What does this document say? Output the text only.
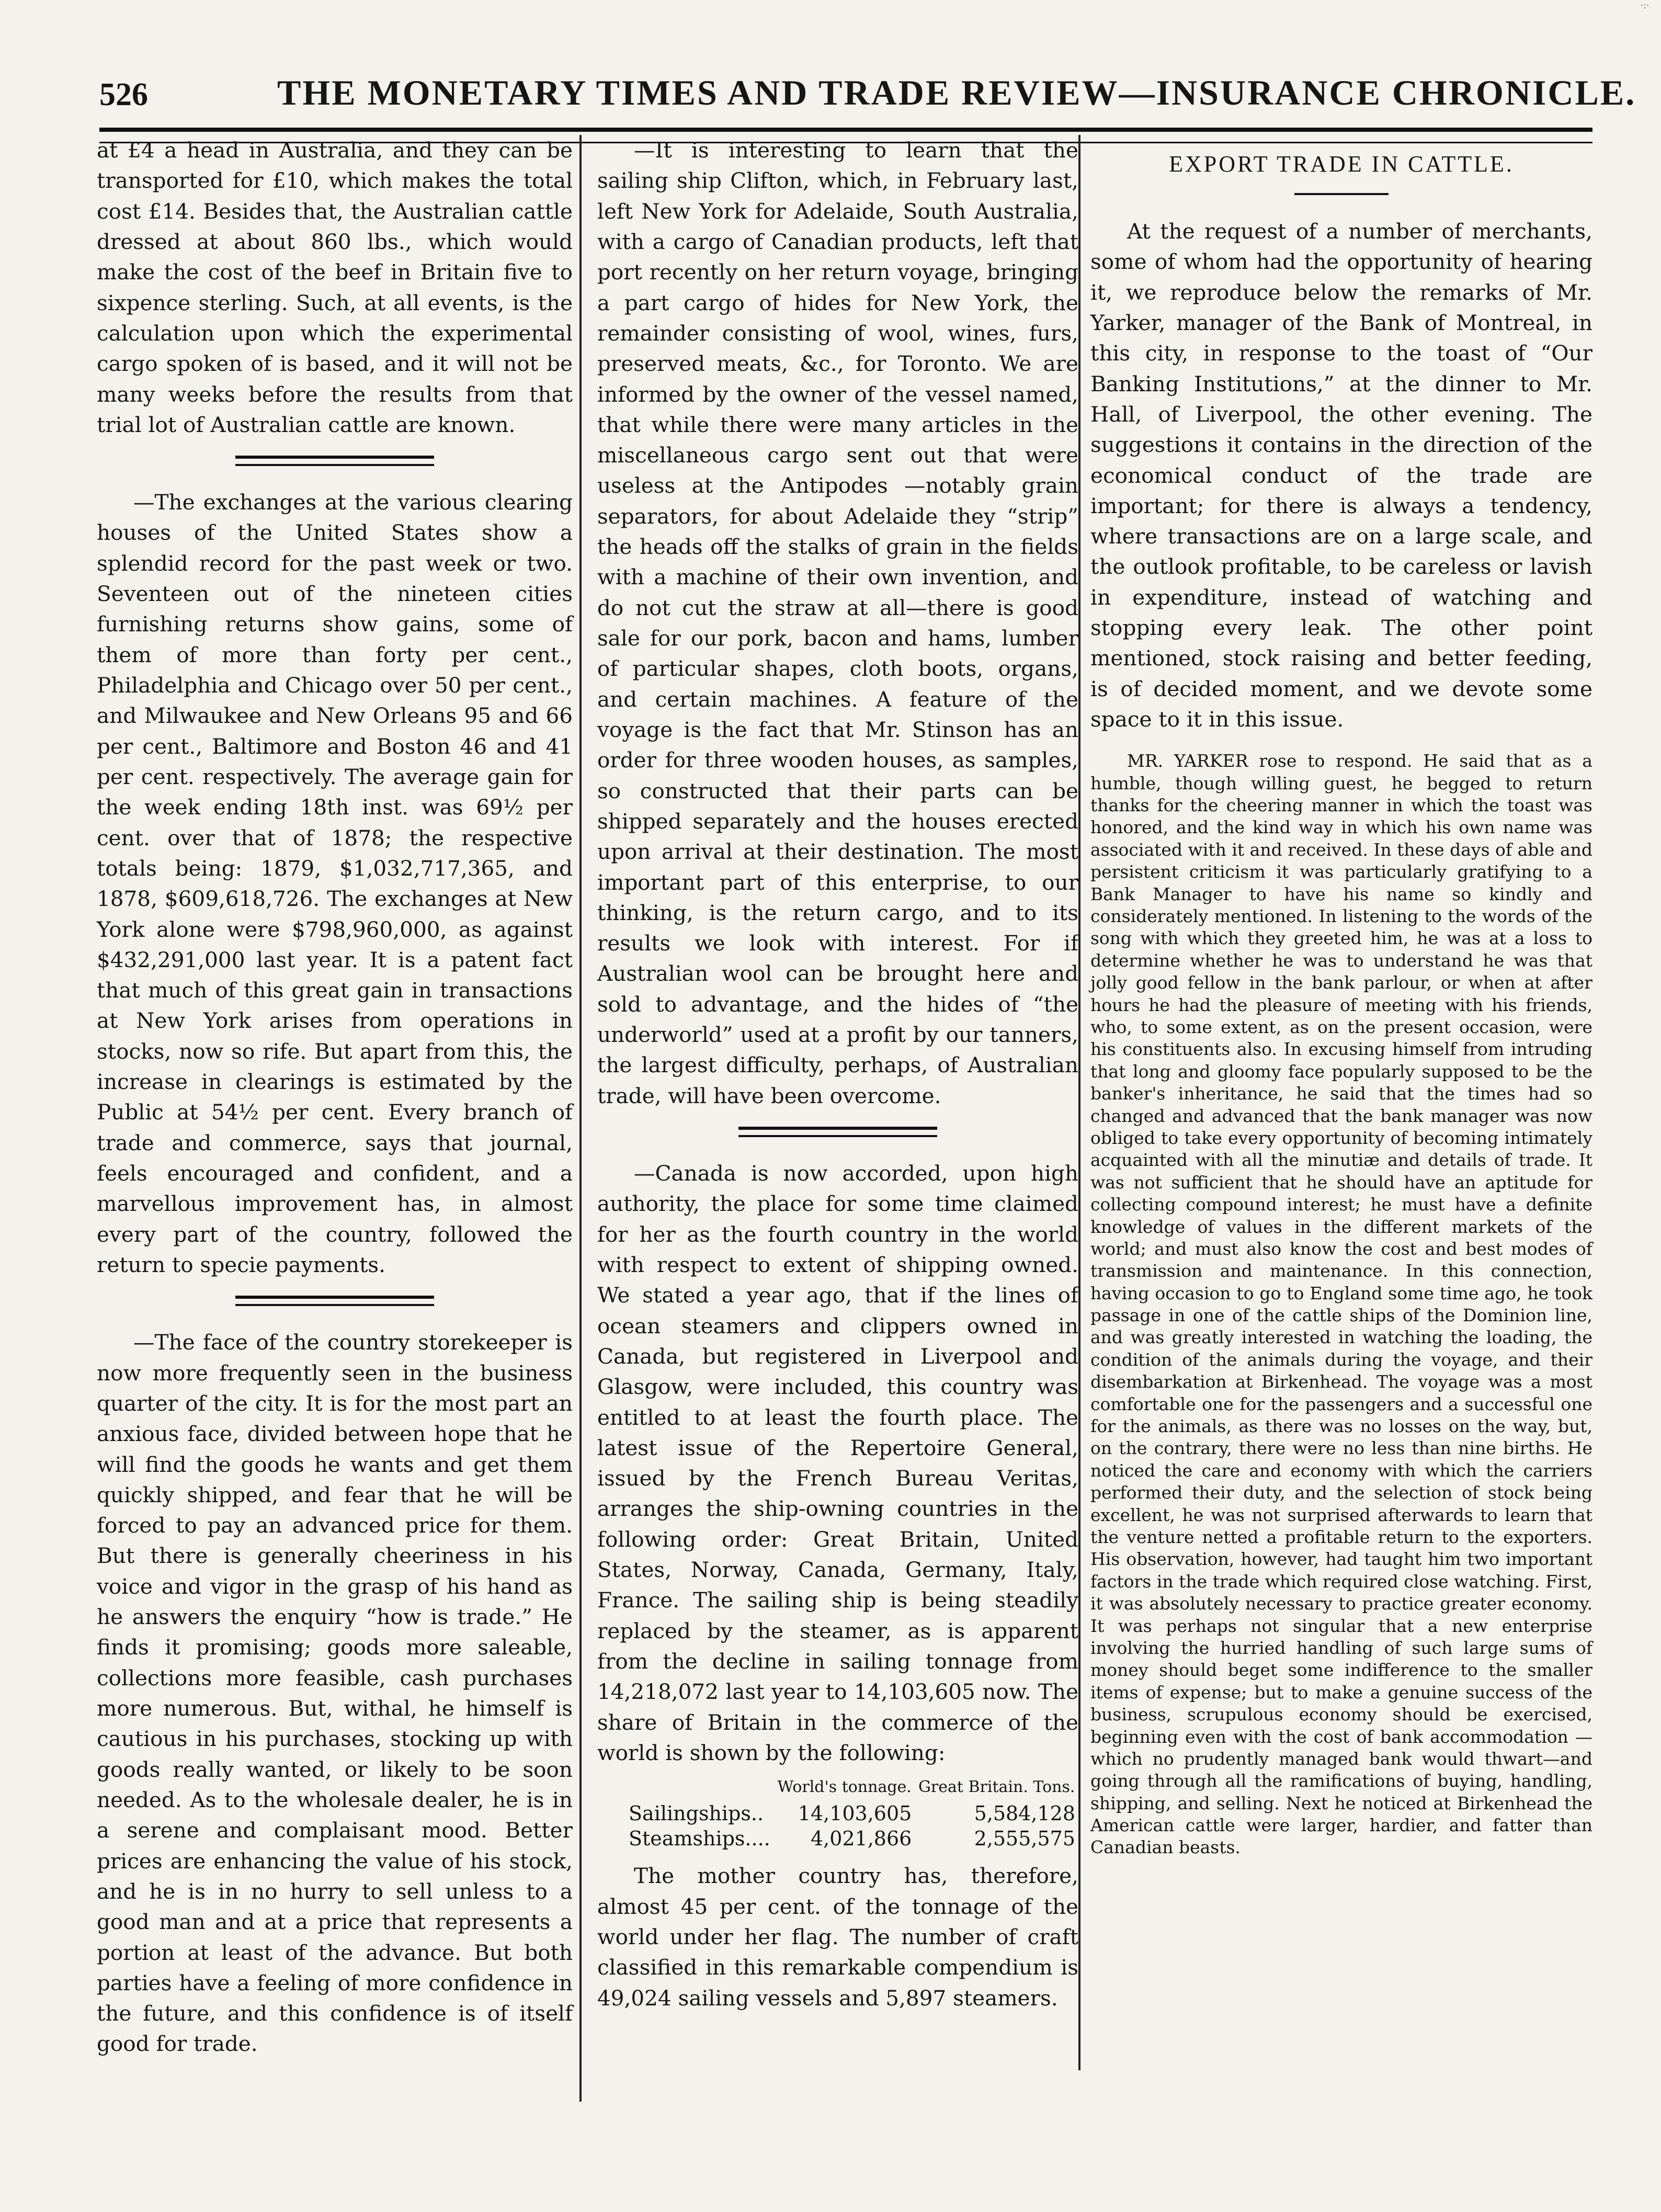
·:·
526	THE MONETARY TIMES AND TRADE REVIEW—INSURANCE CHRONICLE.

at £4 a head in Australia, and they can be transported for £10, which makes the total cost £14. Besides that, the Australian cattle dressed at about 860 lbs., which would make the cost of the beef in Britain five to sixpence sterling. Such, at all events, is the calculation upon which the experimental cargo spoken of is based, and it will not be many weeks before the results from that trial lot of Australian cattle are known.

—The exchanges at the various clearing houses of the United States show a splendid record for the past week or two. Seventeen out of the nineteen cities furnishing returns show gains, some of them of more than forty per cent., Philadelphia and Chicago over 50 per cent., and Milwaukee and New Orleans 95 and 66 per cent., Baltimore and Boston 46 and 41 per cent. respectively. The average gain for the week ending 18th inst. was 69½ per cent. over that of 1878; the respective totals being: 1879, $1,032,717,365, and 1878, $609,618,726. The exchanges at New York alone were $798,960,000, as against $432,291,000 last year. It is a patent fact that much of this great gain in transactions at New York arises from operations in stocks, now so rife. But apart from this, the increase in clearings is estimated by the Public at 54½ per cent. Every branch of trade and commerce, says that journal, feels encouraged and confident, and a marvellous improvement has, in almost every part of the country, followed the return to specie payments.

—The face of the country storekeeper is now more frequently seen in the business quarter of the city. It is for the most part an anxious face, divided between hope that he will find the goods he wants and get them quickly shipped, and fear that he will be forced to pay an advanced price for them. But there is generally cheeriness in his voice and vigor in the grasp of his hand as he answers the enquiry “how is trade.” He finds it promising; goods more saleable, collections more feasible, cash purchases more numerous. But, withal, he himself is cautious in his purchases, stocking up with goods really wanted, or likely to be soon needed. As to the wholesale dealer, he is in a serene and complaisant mood. Better prices are enhancing the value of his stock, and he is in no hurry to sell unless to a good man and at a price that represents a portion at least of the advance. But both parties have a feeling of more confidence in the future, and this confidence is of itself good for trade.

—It is interesting to learn that the sailing ship Clifton, which, in February last, left New York for Adelaide, South Australia, with a cargo of Canadian products, left that port recently on her return voyage, bringing a part cargo of hides for New York, the remainder consisting of wool, wines, furs, preserved meats, &c., for Toronto. We are informed by the owner of the vessel named, that while there were many articles in the miscellaneous cargo sent out that were useless at the Antipodes —notably grain separators, for about Adelaide they “strip” the heads off the stalks of grain in the fields with a machine of their own invention, and do not cut the straw at all—there is good sale for our pork, bacon and hams, lumber of particular shapes, cloth boots, organs, and certain machines. A feature of the voyage is the fact that Mr. Stinson has an order for three wooden houses, as samples, so constructed that their parts can be shipped separately and the houses erected upon arrival at their destination. The most important part of this enterprise, to our thinking, is the return cargo, and to its results we look with interest. For if Australian wool can be brought here and sold to advantage, and the hides of “the underworld” used at a profit by our tanners, the largest difficulty, perhaps, of Australian trade, will have been overcome.

—Canada is now accorded, upon high authority, the place for some time claimed for her as the fourth country in the world with respect to extent of shipping owned. We stated a year ago, that if the lines of ocean steamers and clippers owned in Canada, but registered in Liverpool and Glasgow, were included, this country was entitled to at least the fourth place. The latest issue of the Repertoire General, issued by the French Bureau Veritas, arranges the ship-owning countries in the following order: Great Britain, United States, Norway, Canada, Germany, Italy, France. The sailing ship is being steadily replaced by the steamer, as is apparent from the decline in sailing tonnage from 14,218,072 last year to 14,103,605 now. The share of Britain in the commerce of the world is shown by the following:

	World's tonnage.	Great Britain. Tons.
Sailingships..	14,103,605	5,584,128
Steamships....	4,021,866	2,555,575

The mother country has, therefore, almost 45 per cent. of the tonnage of the world under her flag. The number of craft classified in this remarkable compendium is 49,024 sailing vessels and 5,897 steamers.

EXPORT TRADE IN CATTLE.

At the request of a number of merchants, some of whom had the opportunity of hearing it, we reproduce below the remarks of Mr. Yarker, manager of the Bank of Montreal, in this city, in response to the toast of “Our Banking Institutions,” at the dinner to Mr. Hall, of Liverpool, the other evening. The suggestions it contains in the direction of the economical conduct of the trade are important; for there is always a tendency, where transactions are on a large scale, and the outlook profitable, to be careless or lavish in expenditure, instead of watching and stopping every leak. The other point mentioned, stock raising and better feeding, is of decided moment, and we devote some space to it in this issue.

MR. YARKER rose to respond. He said that as a humble, though willing guest, he begged to return thanks for the cheering manner in which the toast was honored, and the kind way in which his own name was associated with it and received. In these days of able and persistent criticism it was particularly gratifying to a Bank Manager to have his name so kindly and considerately mentioned. In listening to the words of the song with which they greeted him, he was at a loss to determine whether he was to understand he was that jolly good fellow in the bank parlour, or when at after hours he had the pleasure of meeting with his friends, who, to some extent, as on the present occasion, were his constituents also. In excusing himself from intruding that long and gloomy face popularly supposed to be the banker's inheritance, he said that the times had so changed and advanced that the bank manager was now obliged to take every opportunity of becoming intimately acquainted with all the minutiæ and details of trade. It was not sufficient that he should have an aptitude for collecting compound interest; he must have a definite knowledge of values in the different markets of the world; and must also know the cost and best modes of transmission and maintenance. In this connection, having occasion to go to England some time ago, he took passage in one of the cattle ships of the Dominion line, and was greatly interested in watching the loading, the condition of the animals during the voyage, and their disembarkation at Birkenhead. The voyage was a most comfortable one for the passengers and a successful one for the animals, as there was no losses on the way, but, on the contrary, there were no less than nine births. He noticed the care and economy with which the carriers performed their duty, and the selection of stock being excellent, he was not surprised afterwards to learn that the venture netted a profitable return to the exporters. His observation, however, had taught him two important factors in the trade which required close watching. First, it was absolutely necessary to practice greater economy. It was perhaps not singular that a new enterprise involving the hurried handling of such large sums of money should beget some indifference to the smaller items of expense; but to make a genuine success of the business, scrupulous economy should be exercised, beginning even with the cost of bank accommodation —which no prudently managed bank would thwart—and going through all the ramifications of buying, handling, shipping, and selling. Next he noticed at Birkenhead the American cattle were larger, hardier, and fatter than Canadian beasts.
